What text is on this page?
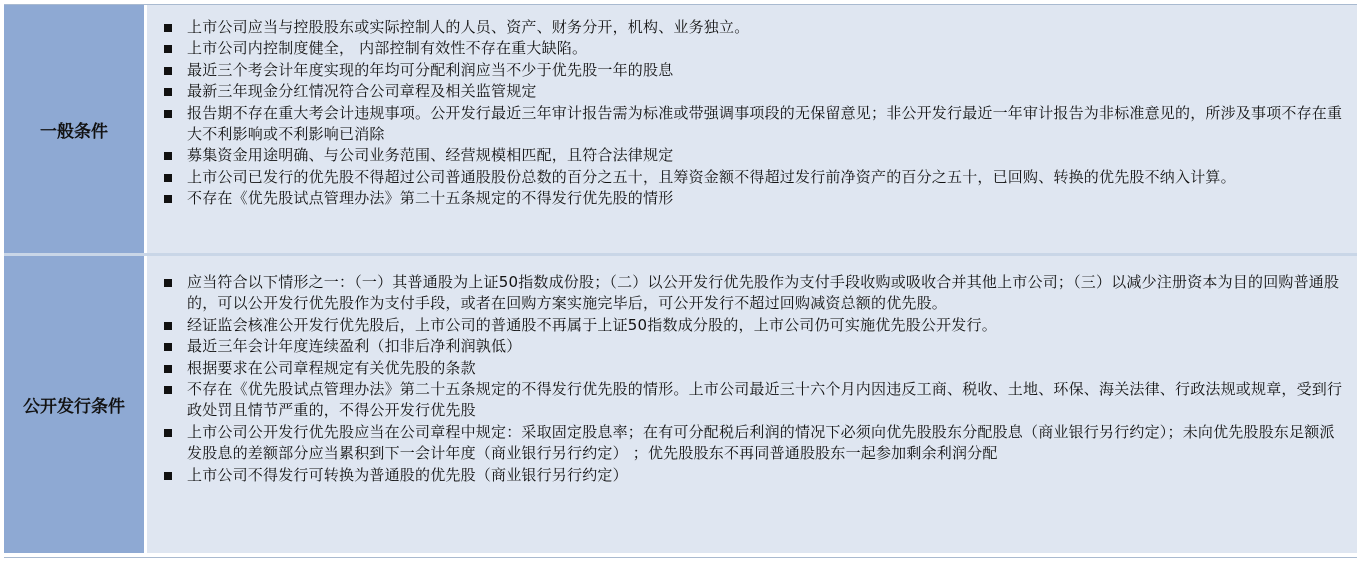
一般条件
上市公司应当与控股股东或实际控制人的人员、资产、财务分开，机构、业务独立。
上市公司内控制度健全， 内部控制有效性不存在重大缺陷。
最近三个考会计年度实现的年均可分配利润应当不少于优先股一年的股息
最新三年现金分红情况符合公司章程及相关监管规定
报告期不存在重大考会计违规事项。公开发行最近三年审计报告需为标准或带强调事项段的无保留意见；非公开发行最近一年审计报告为非标准意见的，所涉及事项不存在重大不利影响或不利影响已消除
募集资金用途明确、与公司业务范围、经营规模相匹配，且符合法律规定
上市公司已发行的优先股不得超过公司普通股股份总数的百分之五十，且筹资金额不得超过发行前净资产的百分之五十，已回购、转换的优先股不纳入计算。
不存在《优先股试点管理办法》第二十五条规定的不得发行优先股的情形
公开发行条件
应当符合以下情形之一：（一）其普通股为上证50指数成份股；（二）以公开发行优先股作为支付手段收购或吸收合并其他上市公司；（三）以减少注册资本为目的回购普通股的，可以公开发行优先股作为支付手段，或者在回购方案实施完毕后，可公开发行不超过回购减资总额的优先股。
经证监会核准公开发行优先股后，上市公司的普通股不再属于上证50指数成分股的，上市公司仍可实施优先股公开发行。
最近三年会计年度连续盈利（扣非后净利润孰低）
根据要求在公司章程规定有关优先股的条款
不存在《优先股试点管理办法》第二十五条规定的不得发行优先股的情形。上市公司最近三十六个月内因违反工商、税收、土地、环保、海关法律、行政法规或规章，受到行政处罚且情节严重的，不得公开发行优先股
上市公司公开发行优先股应当在公司章程中规定：采取固定股息率；在有可分配税后利润的情况下必须向优先股股东分配股息（商业银行另行约定）；未向优先股股东足额派发股息的差额部分应当累积到下一会计年度（商业银行另行约定） ；优先股股东不再同普通股股东一起参加剩余利润分配
上市公司不得发行可转换为普通股的优先股（商业银行另行约定）
